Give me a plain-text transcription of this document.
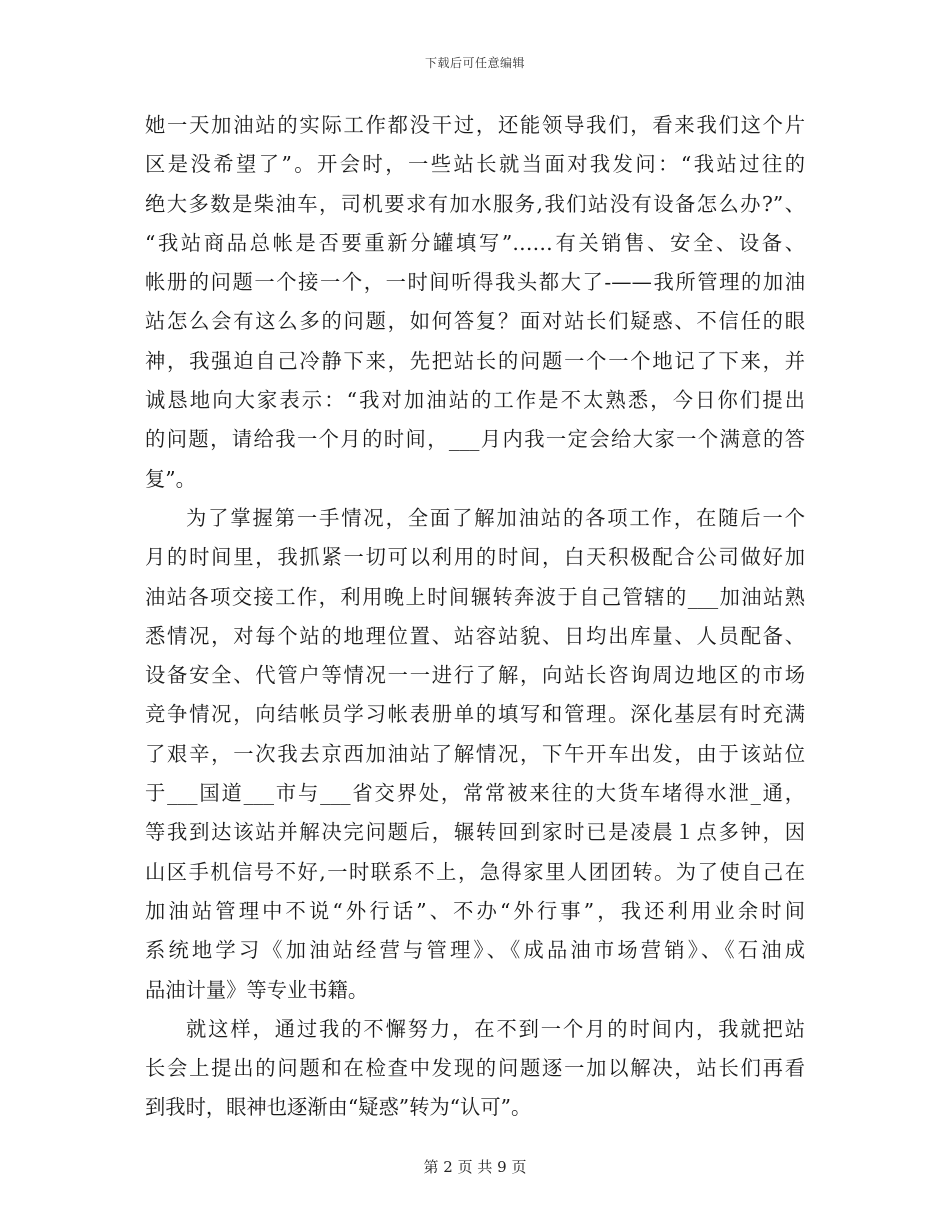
下载后可任意编辑
她一天加油站的实际工作都没干过，还能领导我们，看来我们这个片
区是没希望了”。开会时，一些站长就当面对我发问：“我站过往的
绝大多数是柴油车，司机要求有加水服务,我们站没有设备怎么办?”、
“我站商品总帐是否要重新分罐填写”……有关销售、安全、设备、
帐册的问题一个接一个，一时间听得我头都大了-——我所管理的加油
站怎么会有这么多的问题，如何答复？面对站长们疑惑、不信任的眼
神，我强迫自己冷静下来，先把站长的问题一个一个地记了下来，并
诚恳地向大家表示：“我对加油站的工作是不太熟悉，今日你们提出
的问题，请给我一个月的时间，___月内我一定会给大家一个满意的答
复”。
为了掌握第一手情况，全面了解加油站的各项工作，在随后一个
月的时间里，我抓紧一切可以利用的时间，白天积极配合公司做好加
油站各项交接工作，利用晚上时间辗转奔波于自己管辖的___加油站熟
悉情况，对每个站的地理位置、站容站貌、日均出库量、人员配备、
设备安全、代管户等情况一一进行了解，向站长咨询周边地区的市场
竞争情况，向结帐员学习帐表册单的填写和管理。深化基层有时充满
了艰辛，一次我去京西加油站了解情况，下午开车出发，由于该站位
于___国道___市与___省交界处，常常被来往的大货车堵得水泄_通，
等我到达该站并解决完问题后，辗转回到家时已是凌晨１点多钟，因
山区手机信号不好,一时联系不上，急得家里人团团转。为了使自己在
加油站管理中不说“外行话”、不办“外行事”，我还利用业余时间
系统地学习《加油站经营与管理》、《成品油市场营销》、《石油成
品油计量》等专业书籍。
就这样，通过我的不懈努力，在不到一个月的时间内，我就把站
长会上提出的问题和在检查中发现的问题逐一加以解决，站长们再看
到我时，眼神也逐渐由“疑惑”转为“认可”。
第 2 页 共 9 页
